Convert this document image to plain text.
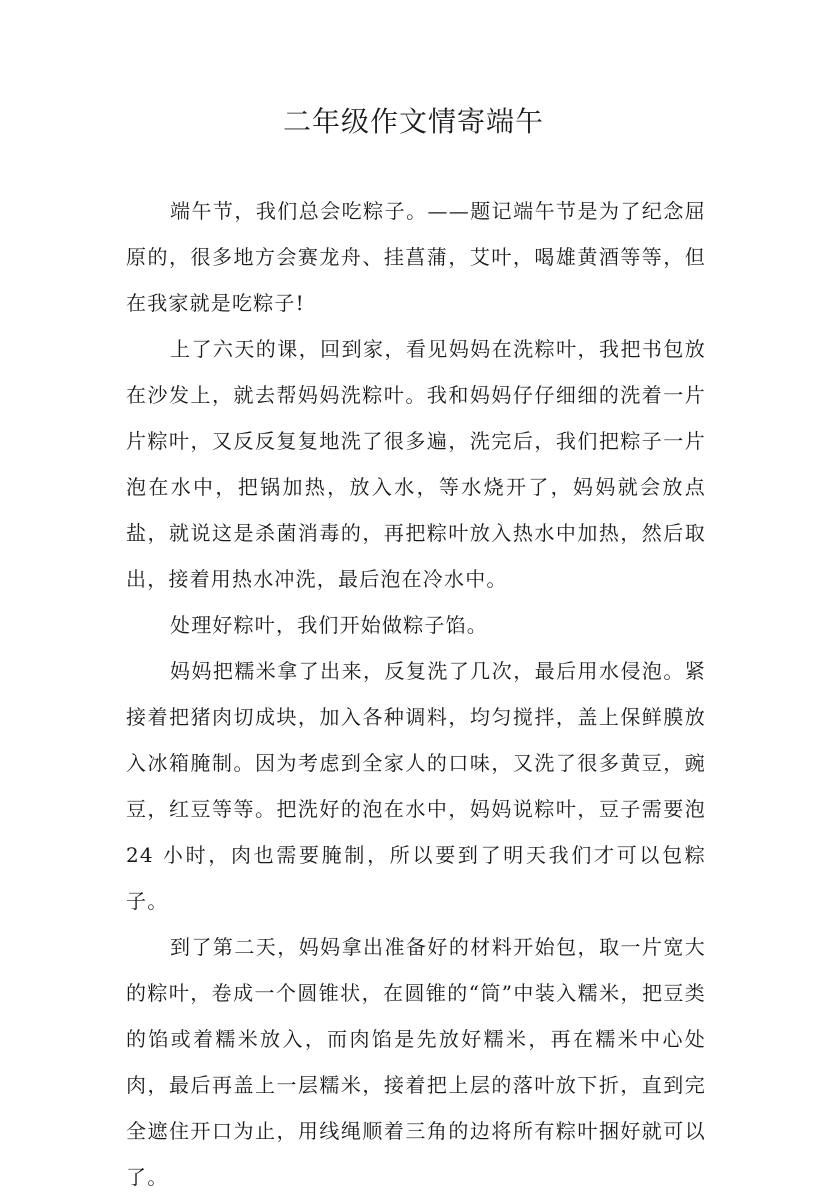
二年级作文情寄端午

端午节，我们总会吃粽子。——题记端午节是为了纪念屈原的，很多地方会赛龙舟、挂菖蒲，艾叶，喝雄黄酒等等，但在我家就是吃粽子!

上了六天的课，回到家，看见妈妈在洗粽叶，我把书包放在沙发上，就去帮妈妈洗粽叶。我和妈妈仔仔细细的洗着一片片粽叶，又反反复复地洗了很多遍，洗完后，我们把粽子一片泡在水中，把锅加热，放入水，等水烧开了，妈妈就会放点盐，就说这是杀菌消毒的，再把粽叶放入热水中加热，然后取出，接着用热水冲洗，最后泡在冷水中。

处理好粽叶，我们开始做粽子馅。

妈妈把糯米拿了出来，反复洗了几次，最后用水侵泡。紧接着把猪肉切成块，加入各种调料，均匀搅拌，盖上保鲜膜放入冰箱腌制。因为考虑到全家人的口味，又洗了很多黄豆，豌豆，红豆等等。把洗好的泡在水中，妈妈说粽叶，豆子需要泡 24 小时，肉也需要腌制，所以要到了明天我们才可以包粽子。

到了第二天，妈妈拿出准备好的材料开始包，取一片宽大的粽叶，卷成一个圆锥状，在圆锥的“筒”中装入糯米，把豆类的馅或着糯米放入，而肉馅是先放好糯米，再在糯米中心处肉，最后再盖上一层糯米，接着把上层的落叶放下折，直到完全遮住开口为止，用线绳顺着三角的边将所有粽叶捆好就可以了。
